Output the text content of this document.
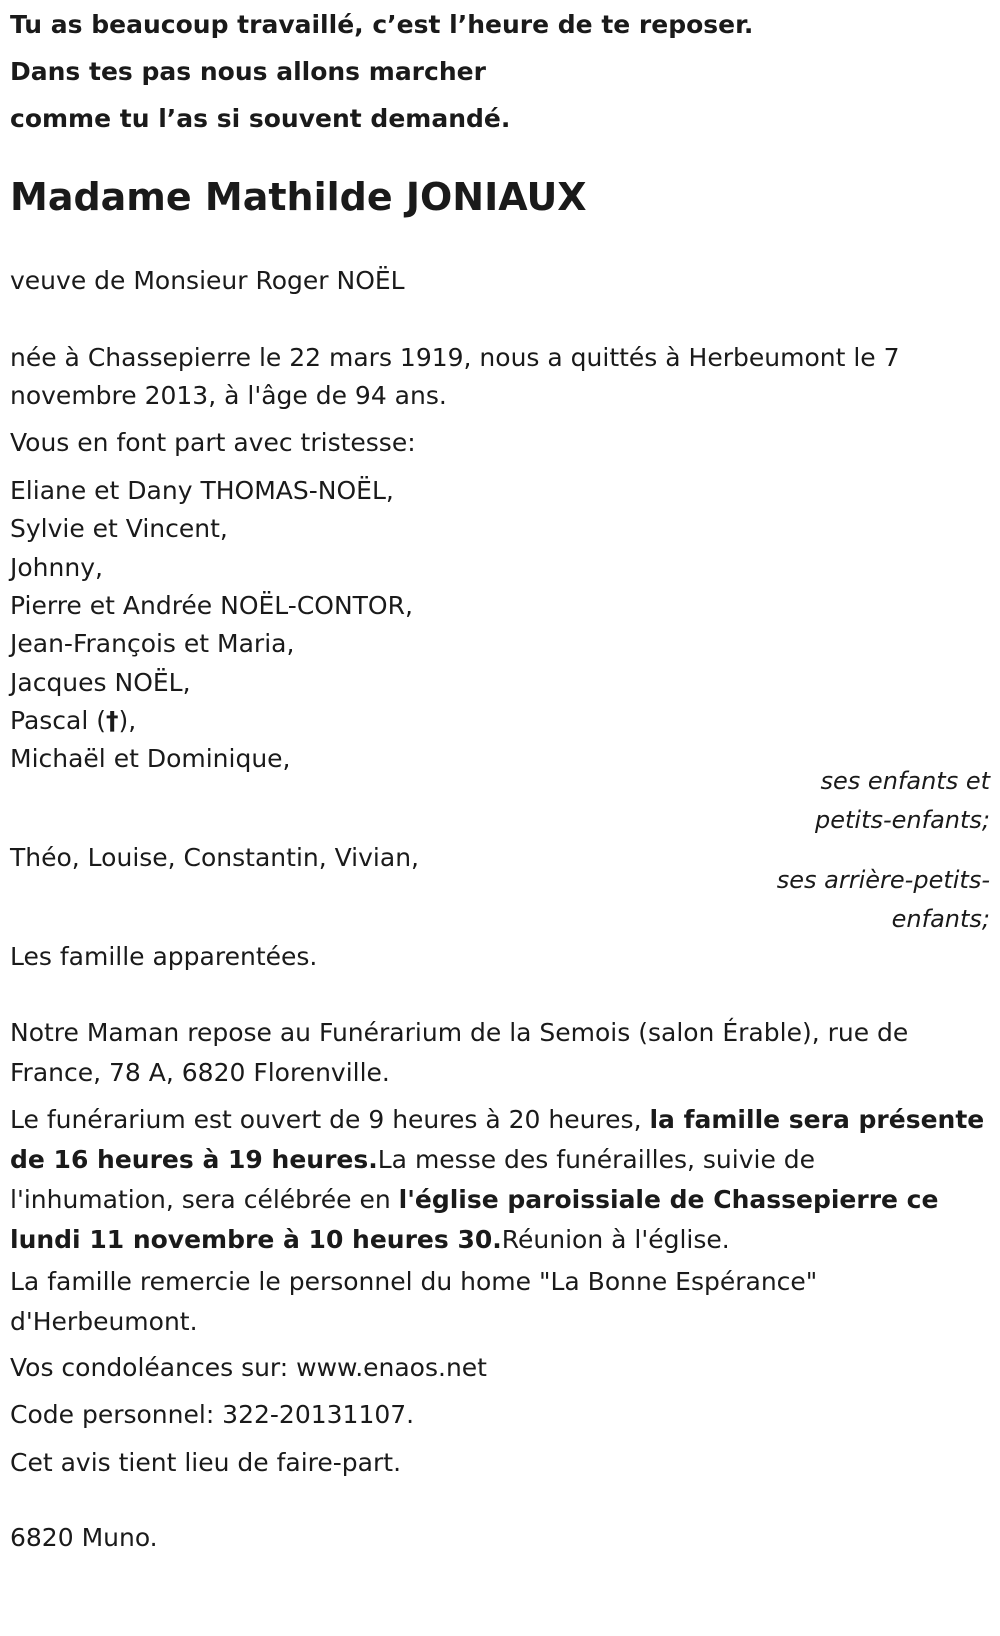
Tu as beaucoup travaillé, c’est l’heure de te reposer.
Dans tes pas nous allons marcher
comme tu l’as si souvent demandé.
Madame Mathilde JONIAUX
veuve de Monsieur Roger NOËL
née à Chassepierre le 22 mars 1919, nous a quittés à Herbeumont le 7
novembre 2013, à l'âge de 94 ans.
Vous en font part avec tristesse:
Eliane et Dany THOMAS-NOËL,
Sylvie et Vincent,
Johnny,
Pierre et Andrée NOËL-CONTOR,
Jean-François et Maria,
Jacques NOËL,
Pascal (†),
Michaël et Dominique,
ses enfants et
petits-enfants;
Théo, Louise, Constantin, Vivian,
ses arrière-petits-
enfants;
Les famille apparentées.
Notre Maman repose au Funérarium de la Semois (salon Érable), rue de France, 78 A, 6820 Florenville.
Le funérarium est ouvert de 9 heures à 20 heures, la famille sera présente de 16 heures à 19 heures.La messe des funérailles, suivie de l'inhumation, sera célébrée en l'église paroissiale de Chassepierre ce lundi 11 novembre à 10 heures 30.Réunion à l'église.
La famille remercie le personnel du home "La Bonne Espérance" d'Herbeumont.
Vos condoléances sur: www.enaos.net
Code personnel: 322-20131107.
Cet avis tient lieu de faire-part.
6820 Muno.
